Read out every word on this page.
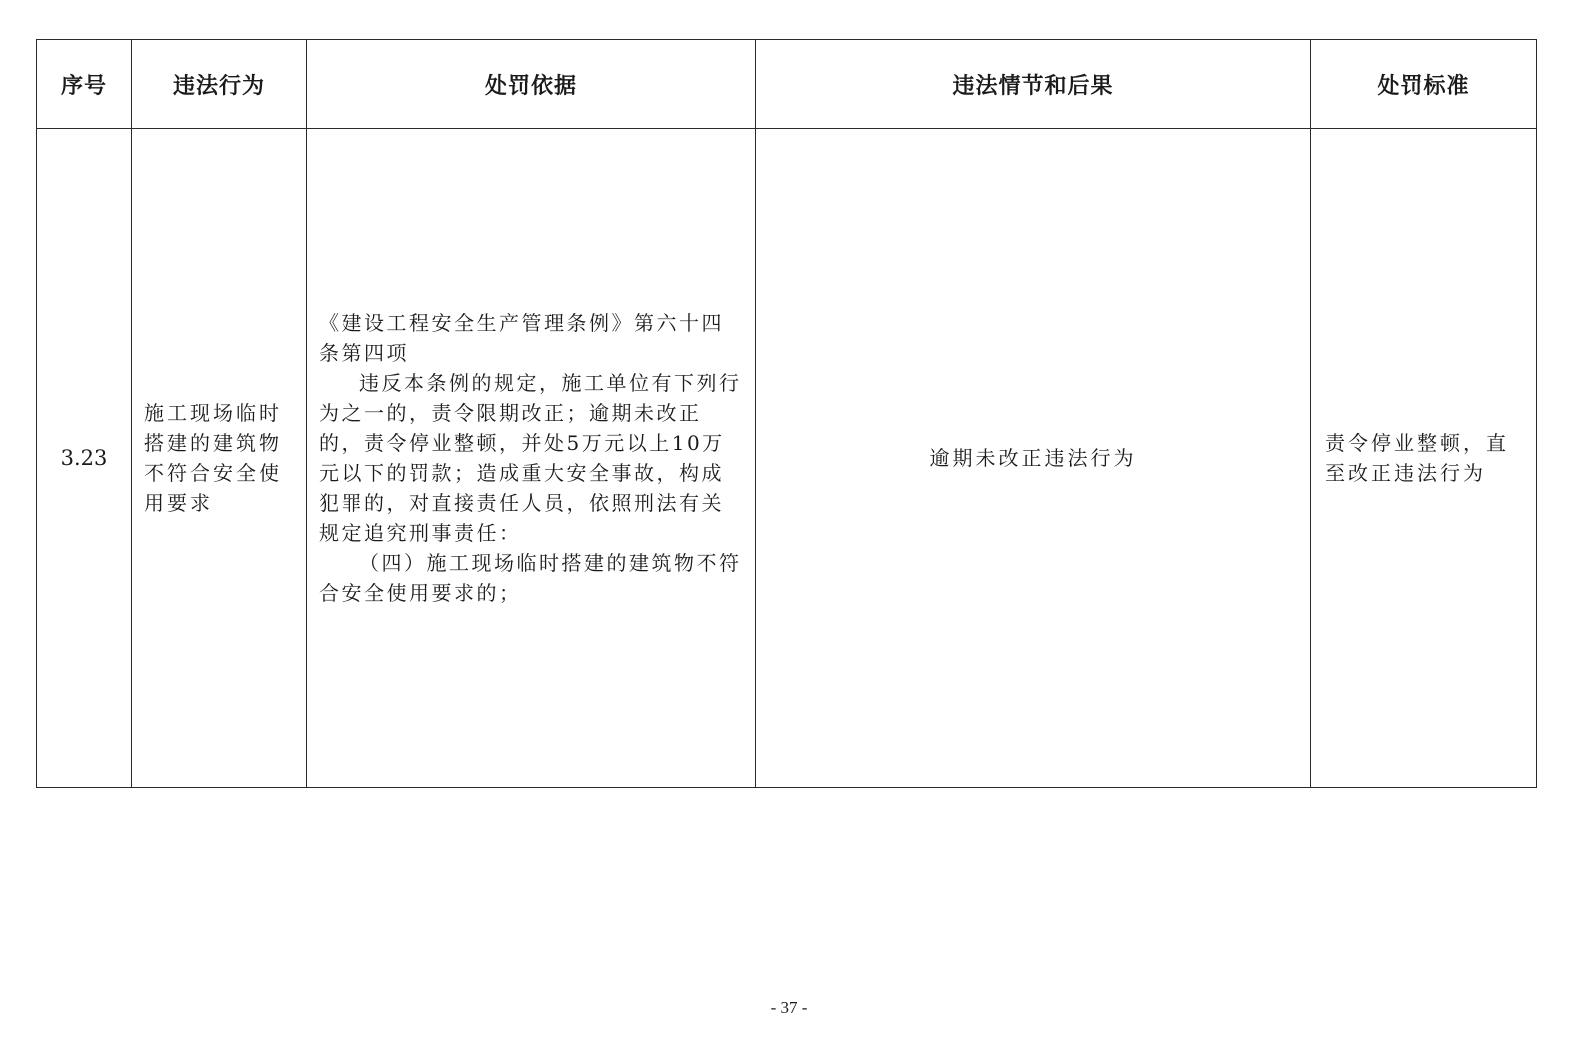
序号	违法行为	处罚依据	违法情节和后果	处罚标准
3.23	施工现场临时搭建的建筑物不符合安全使用要求	《建设工程安全生产管理条例》第六十四条第四项

违反本条例的规定，施工单位有下列行为之一的，责令限期改正；逾期未改正的，责令停业整顿，并处5万元以上10万元以下的罚款；造成重大安全事故，构成犯罪的，对直接责任人员，依照刑法有关规定追究刑事责任：

（四）施工现场临时搭建的建筑物不符合安全使用要求的；	逾期未改正违法行为	责令停业整顿，直至改正违法行为
- 37 -
